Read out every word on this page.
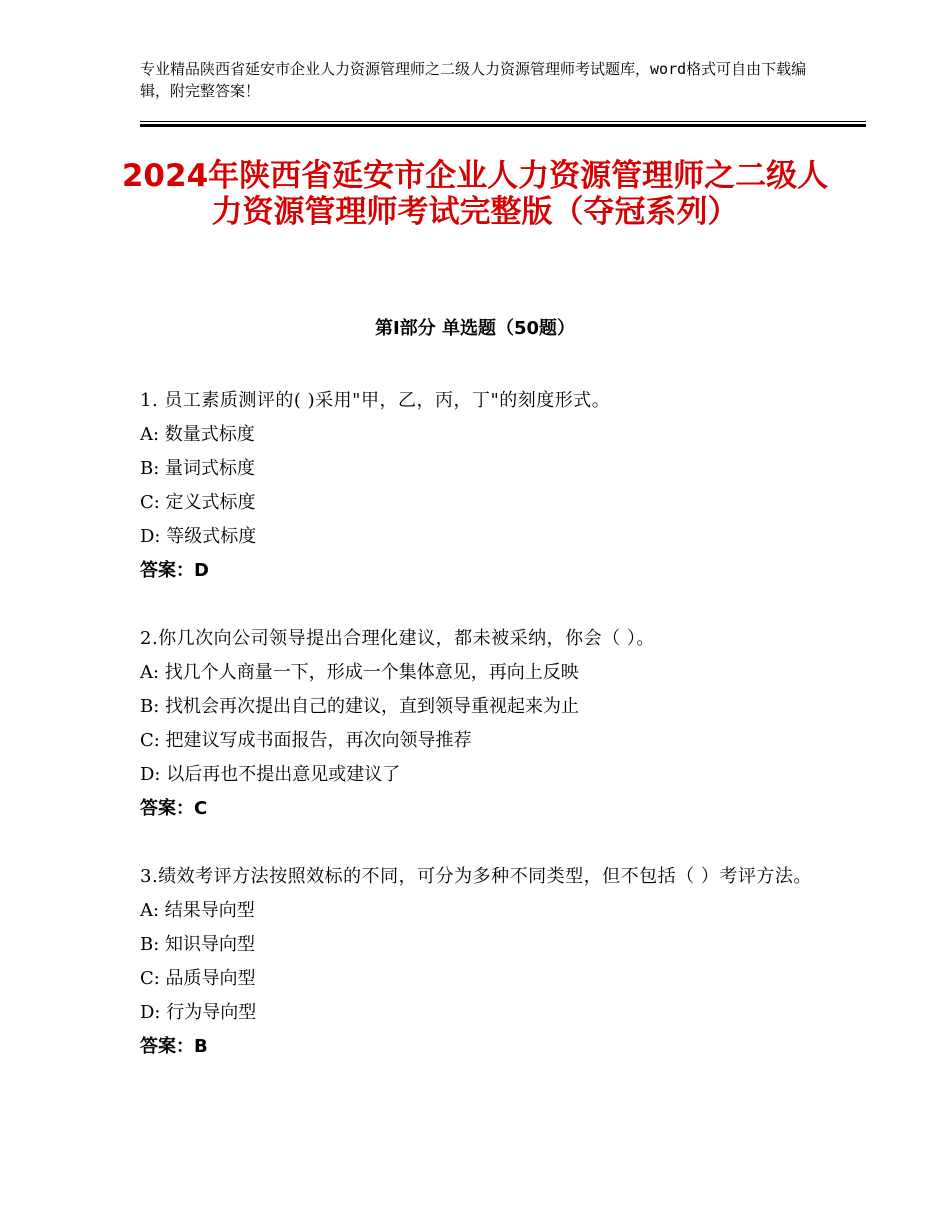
专业精品陕西省延安市企业人力资源管理师之二级人力资源管理师考试题库，word格式可自由下载编辑，附完整答案！
2024年陕西省延安市企业人力资源管理师之二级人力资源管理师考试完整版（夺冠系列）
第Ⅰ部分 单选题（50题）
1. 员工素质测评的( )采用"甲，乙，丙，丁"的刻度形式。
A: 数量式标度
B: 量词式标度
C: 定义式标度
D: 等级式标度
答案：D
2.你几次向公司领导提出合理化建议，都未被采纳，你会（ ）。
A: 找几个人商量一下，形成一个集体意见，再向上反映
B: 找机会再次提出自己的建议，直到领导重视起来为止
C: 把建议写成书面报告，再次向领导推荐
D: 以后再也不提出意见或建议了
答案：C
3.绩效考评方法按照效标的不同，可分为多种不同类型，但不包括（ ）考评方法。
A: 结果导向型
B: 知识导向型
C: 品质导向型
D: 行为导向型
答案：B
